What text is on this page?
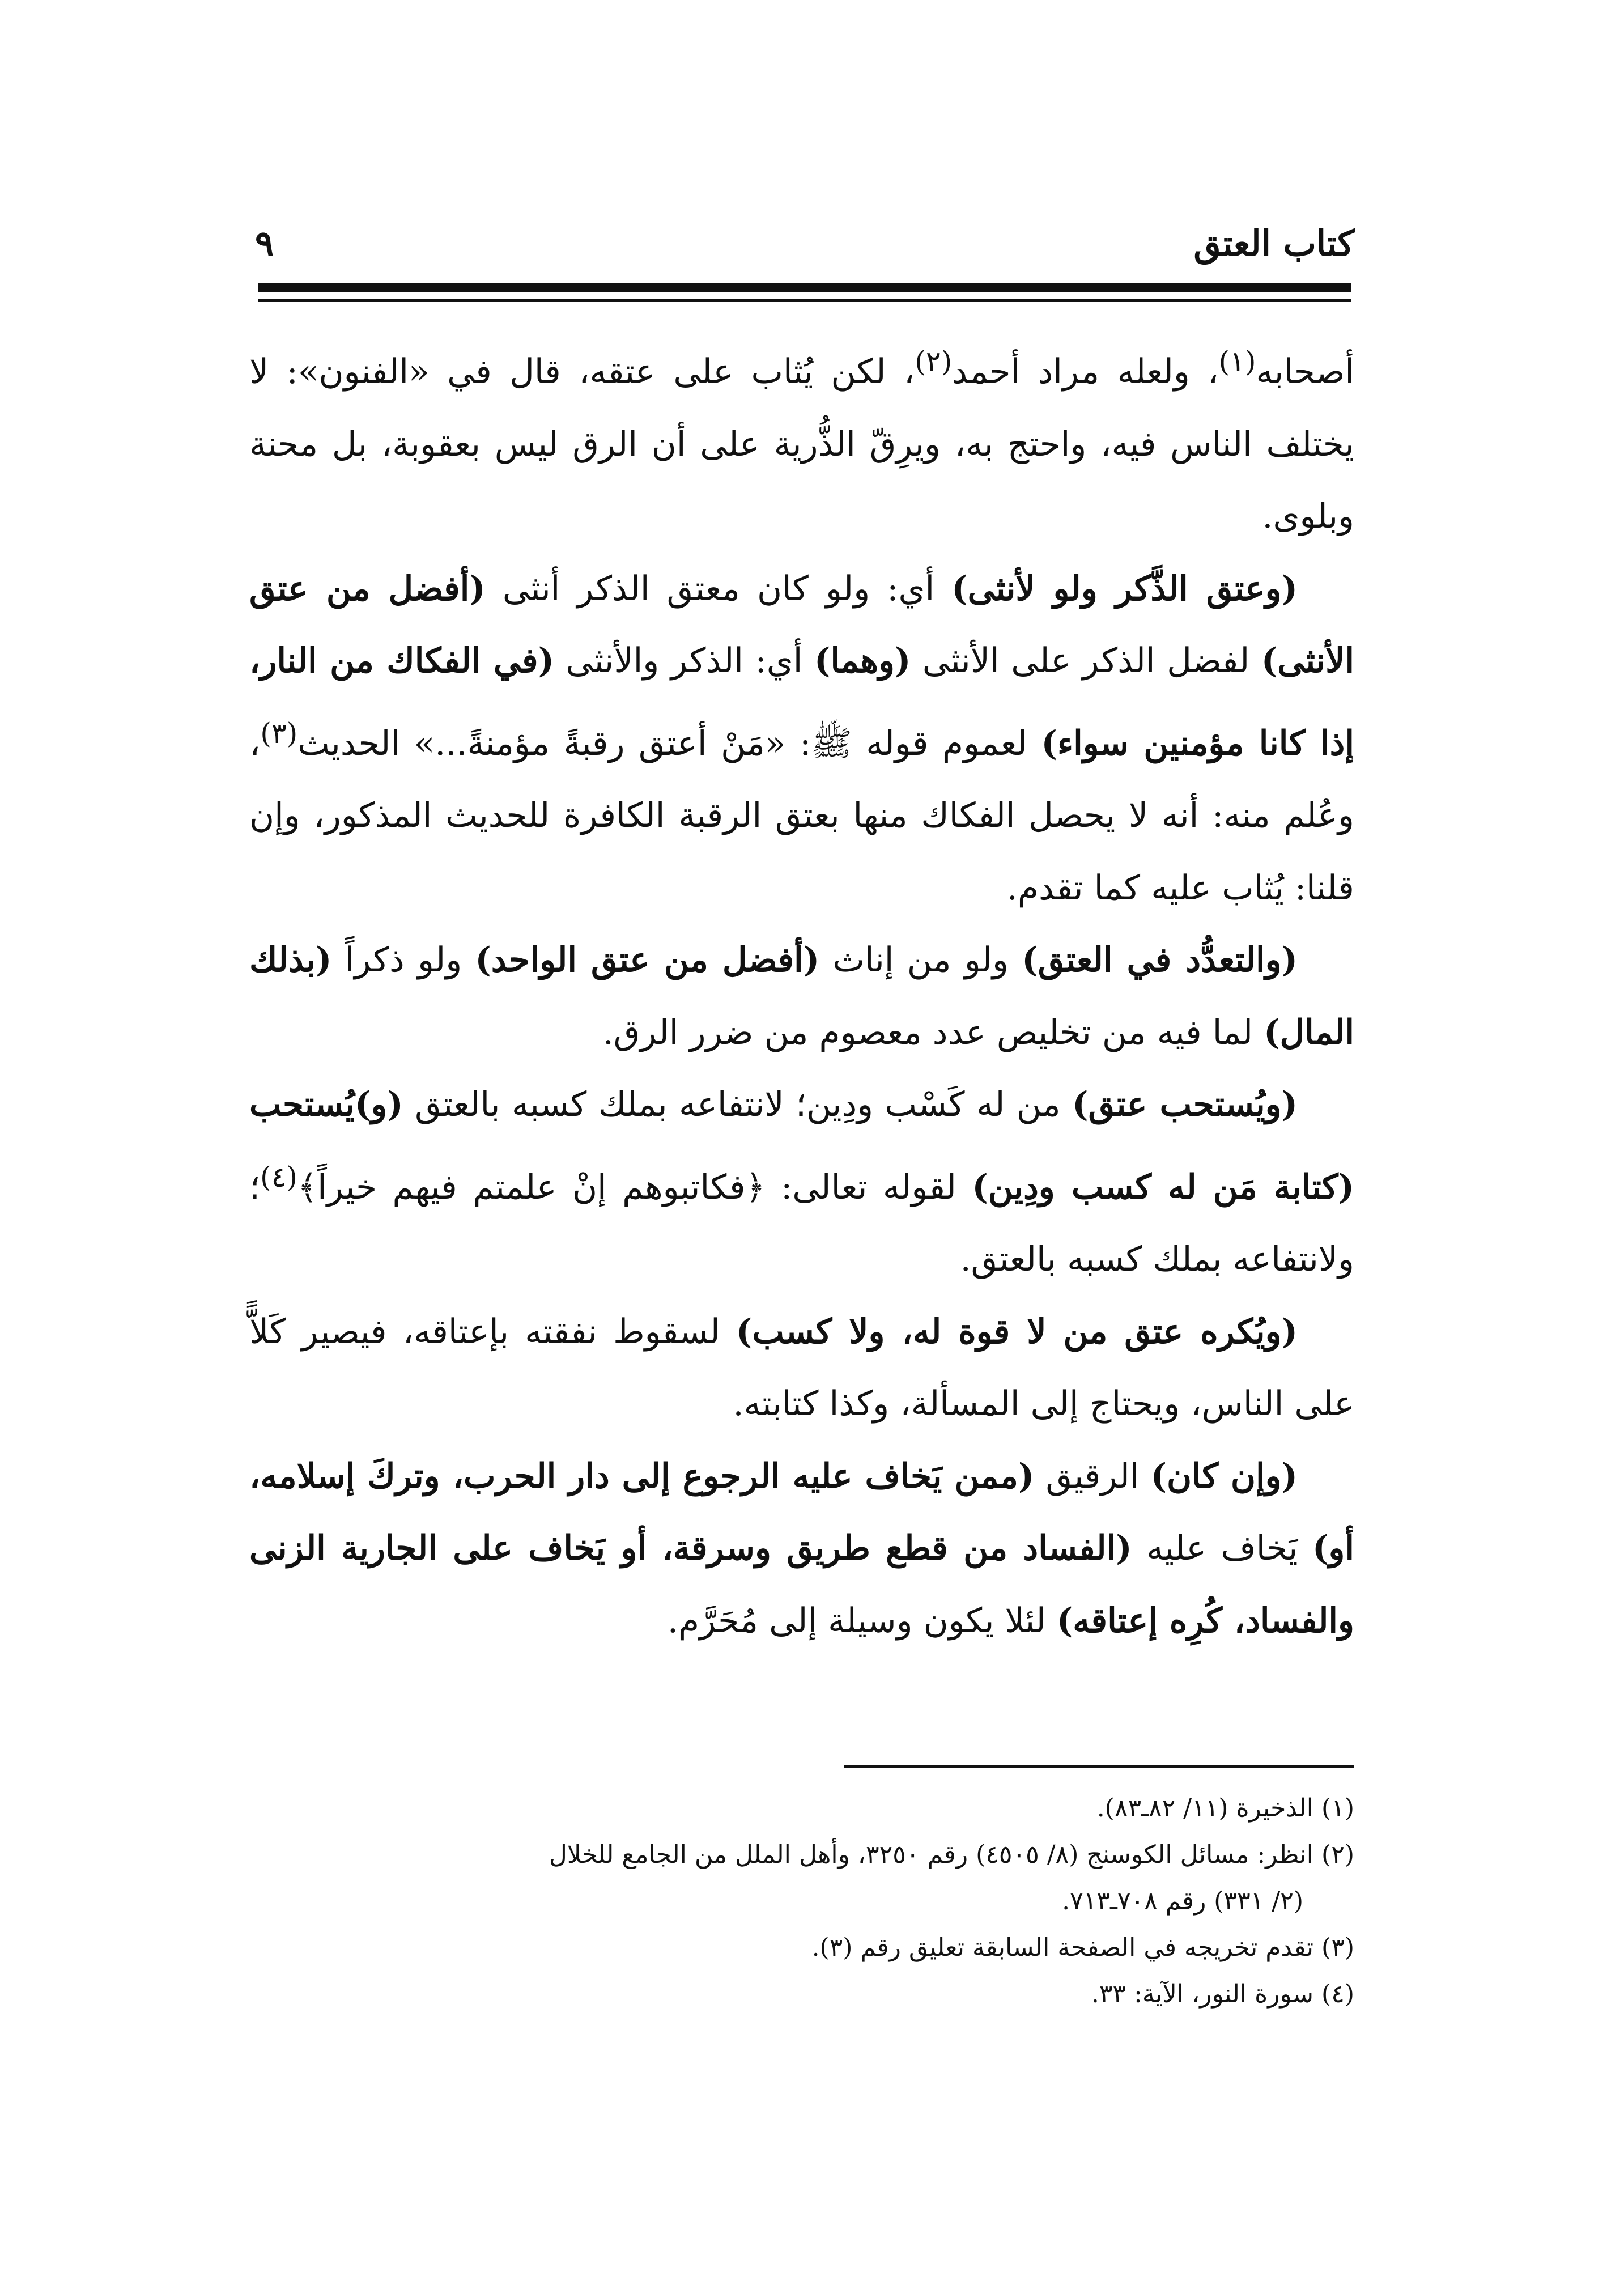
كتاب العتق
٩

أصحابه$^{(١)}$، ولعله مراد أحمد$^{(٢)}$، لكن يُثاب على عتقه، قال في «الفنون»: لا يختلف الناس فيه، واحتج به، ويرِقّ الذُّرية على أن الرق ليس بعقوبة، بل محنة وبلوى.

(وعتق الذَّكر ولو لأنثى) أي: ولو كان معتق الذكر أنثى (أفضل من عتق الأنثى) لفضل الذكر على الأنثى (وهما) أي: الذكر والأنثى (في الفكاك من النار، إذا كانا مؤمنين سواء) لعموم قوله ﷺ: «مَنْ أعتق رقبةً مؤمنةً...» الحديث$^{(٣)}$، وعُلم منه: أنه لا يحصل الفكاك منها بعتق الرقبة الكافرة للحديث المذكور، وإن قلنا: يُثاب عليه كما تقدم.

(والتعدُّد في العتق) ولو من إناث (أفضل من عتق الواحد) ولو ذكراً (بذلك المال) لما فيه من تخليص عدد معصوم من ضرر الرق.

(ويُستحب عتق) من له كَسْب ودِين؛ لانتفاعه بملك كسبه بالعتق (و)يُستحب (كتابة مَن له كسب ودِين) لقوله تعالى: ﴿فكاتبوهم إنْ علمتم فيهم خيراً﴾$^{(٤)}$؛ ولانتفاعه بملك كسبه بالعتق.

(ويُكره عتق من لا قوة له، ولا كسب) لسقوط نفقته بإعتاقه، فيصير كَلاًّ على الناس، ويحتاج إلى المسألة، وكذا كتابته.

(وإن كان) الرقيق (ممن يَخاف عليه الرجوع إلى دار الحرب، وتركَ إسلامه، أو) يَخاف عليه (الفساد من قطع طريق وسرقة، أو يَخاف على الجارية الزنى والفساد، كُرِه إعتاقه) لئلا يكون وسيلة إلى مُحَرَّم.

(١) الذخيرة (١١/ ٨٢ـ٨٣).

(٢) انظر: مسائل الكوسنج (٨/ ٤٥٠٥) رقم ٣٢٥٠، وأهل الملل من الجامع للخلال

(٢/ ٣٣١) رقم ٧٠٨ـ٧١٣.

(٣) تقدم تخريجه في الصفحة السابقة تعليق رقم (٣).

(٤) سورة النور، الآية: ٣٣.
